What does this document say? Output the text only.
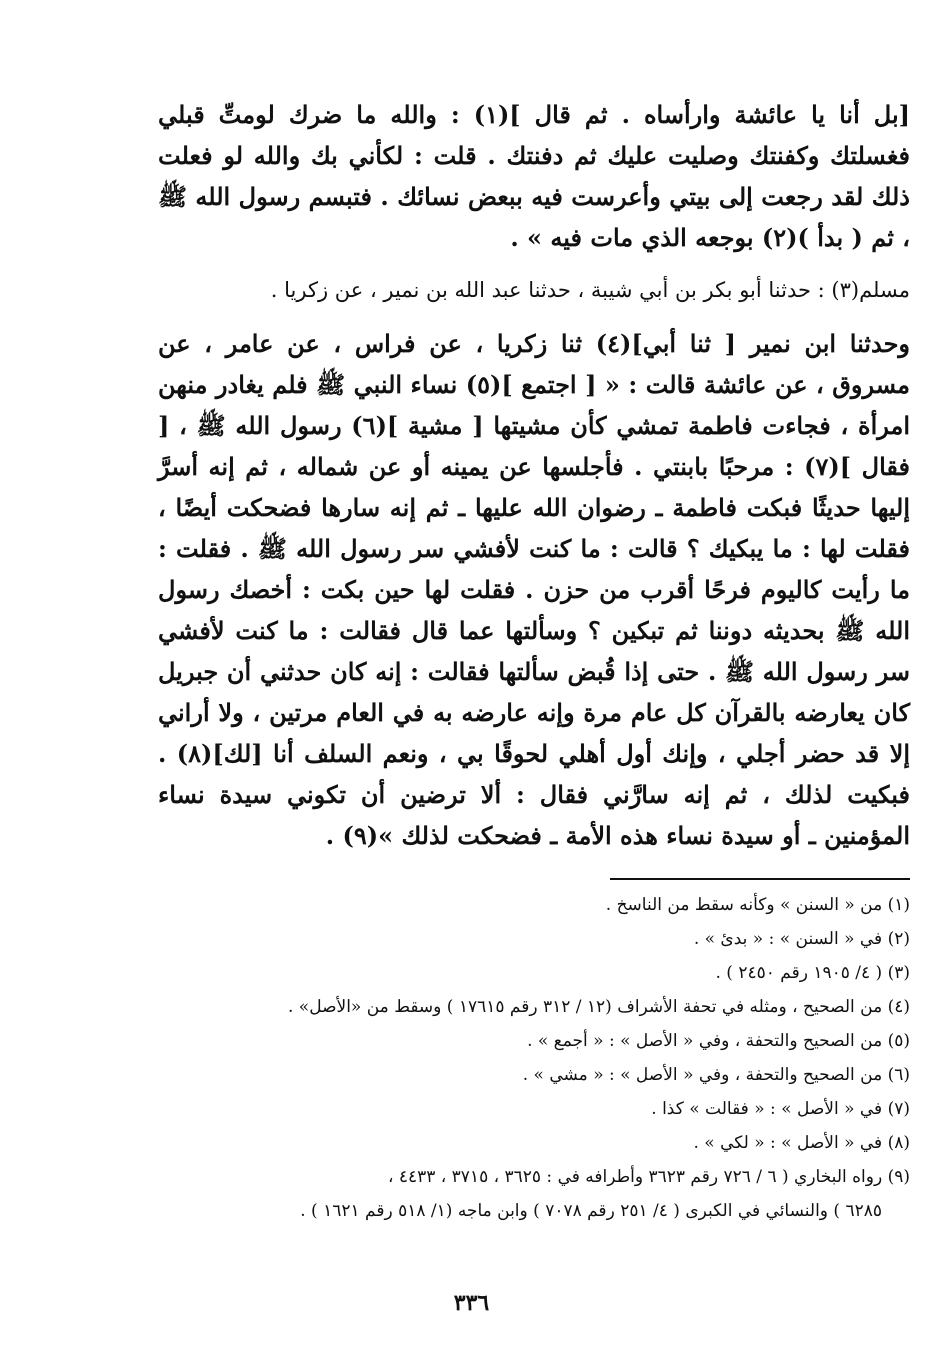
[بل أنا يا عائشة وارأساه . ثم قال ](١) : والله ما ضرك لومتِّ قبلي فغسلتك وكفنتك وصليت عليك ثم دفنتك . قلت : لكأني بك والله لو فعلت ذلك لقد رجعت إلى بيتي وأعرست فيه ببعض نسائك . فتبسم رسول الله ﷺ ، ثم ( بدأ )(٢) بوجعه الذي مات فيه » .

مسلم(٣) : حدثنا أبو بكر بن أبي شيبة ، حدثنا عبد الله بن نمير ، عن زكريا .

وحدثنا ابن نمير [ ثنا أبي](٤) ثنا زكريا ، عن فراس ، عن عامر ، عن مسروق ، عن عائشة قالت : « [ اجتمع ](٥) نساء النبي ﷺ فلم يغادر منهن امرأة ، فجاءت فاطمة تمشي كأن مشيتها [ مشية ](٦) رسول الله ﷺ ، [ فقال ](٧) : مرحبًا بابنتي . فأجلسها عن يمينه أو عن شماله ، ثم إنه أسرَّ إليها حديثًا فبكت فاطمة ـ رضوان الله عليها ـ ثم إنه سارها فضحكت أيضًا ، فقلت لها : ما يبكيك ؟ قالت : ما كنت لأفشي سر رسول الله ﷺ . فقلت : ما رأيت كاليوم فرحًا أقرب من حزن . فقلت لها حين بكت : أخصك رسول الله ﷺ بحديثه دوننا ثم تبكين ؟ وسألتها عما قال فقالت : ما كنت لأفشي سر رسول الله ﷺ . حتى إذا قُبض سألتها فقالت : إنه كان حدثني أن جبريل كان يعارضه بالقرآن كل عام مرة وإنه عارضه به في العام مرتين ، ولا أراني إلا قد حضر أجلي ، وإنك أول أهلي لحوقًا بي ، ونعم السلف أنا [لك](٨) . فبكيت لذلك ، ثم إنه سارَّني فقال : ألا ترضين أن تكوني سيدة نساء المؤمنين ـ أو سيدة نساء هذه الأمة ـ فضحكت لذلك »(٩) .

(١) من « السنن » وكأنه سقط من الناسخ .
(٢) في « السنن » : « بدئ » .
(٣) ( ٤/ ١٩٠٥ رقم ٢٤٥٠ ) .
(٤) من الصحيح ، ومثله في تحفة الأشراف (١٢ / ٣١٢ رقم ١٧٦١٥ ) وسقط من «الأصل» .
(٥) من الصحيح والتحفة ، وفي « الأصل » : « أجمع » .
(٦) من الصحيح والتحفة ، وفي « الأصل » : « مشي » .
(٧) في « الأصل » : « فقالت » كذا .
(٨) في « الأصل » : « لكي » .
(٩) رواه البخاري ( ٦ / ٧٢٦ رقم ٣٦٢٣ وأطرافه في : ٣٦٢٥ ، ٣٧١٥ ، ٤٤٣٣ ،
٦٢٨٥ ) والنسائي في الكبرى ( ٤/ ٢٥١ رقم ٧٠٧٨ ) وابن ماجه (١/ ٥١٨ رقم ١٦٢١ ) .
٣٣٦
